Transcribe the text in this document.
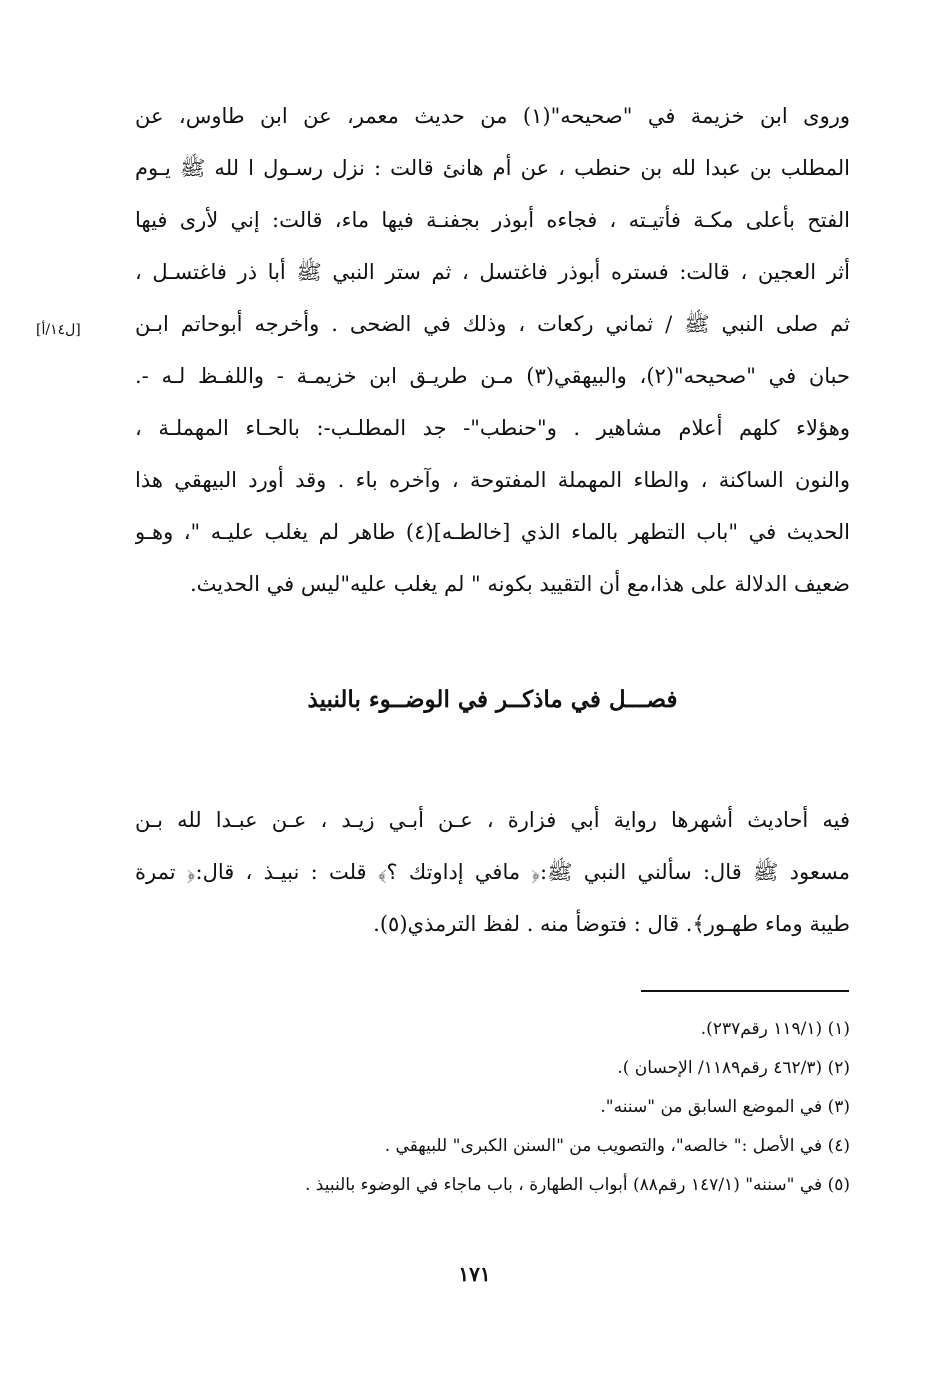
وروى ابن خزيمة في "صحيحه"(١) من حديث معمر، عن ابن طاوس، عن
المطلب بن عبدا لله بن حنطب ، عن أم هانئ قالت : نزل رسـول ا لله ﷺ يـوم
الفتح بأعلى مكـة فأتيـته ، فجاءه أبوذر بجفنـة فيها ماء، قالت: إني لأرى فيها
أثر العجين ، قالت: فستره أبوذر فاغتسل ، ثم ستر النبي ﷺ أبا ذر فاغتسـل ،
ثم صلى النبي ﷺ / ثماني ركعات ، وذلك في الضحى . وأخرجه أبوحاتم ابـن
حبان في "صحيحه"(٢)، والبيهقي(٣) مـن طريـق ابن خزيمـة - واللفـظ لـه -.
وهؤلاء كلهم أعلام مشاهير . و"حنطب"- جد المطلـب-: بالحـاء المهملـة ،
والنون الساكنة ، والطاء المهملة المفتوحة ، وآخره باء . وقد أورد البيهقي هذا
الحديث في "باب التطهر بالماء الذي [خالطـه](٤) طاهر لم يغلب عليـه "، وهـو
ضعيف الدلالة على هذا،مع أن التقييد بكونه " لم يغلب عليه"ليس في الحديث.
[ل١٤/أ]
فصـــل في ماذكــر في الوضــوء بالنبيذ
فيه أحاديث أشهرها رواية أبي فزارة ، عـن أبـي زيـد ، عـن عبـدا لله بـن
مسعود ﷺ قال: سألني النبي ﷺ:﴿ مافي إداوتك ؟﴾ قلت : نبيـذ ، قال:﴿ تمرة
طيبة وماء طهـور﴾. قال : فتوضأ منه . لفظ الترمذي(٥).
(١) (١١٩/١ رقم٢٣٧).
(٢) (٤٦٢/٣ رقم١١٨٩/ الإحسان ).
(٣) في الموضع السابق من "سننه".
(٤) في الأصل :" خالصه"، والتصويب من "السنن الكبرى" للبيهقي .
(٥) في "سننه" (١٤٧/١ رقم٨٨) أبواب الطهارة ، باب ماجاء في الوضوء بالنبيذ .
١٧١
